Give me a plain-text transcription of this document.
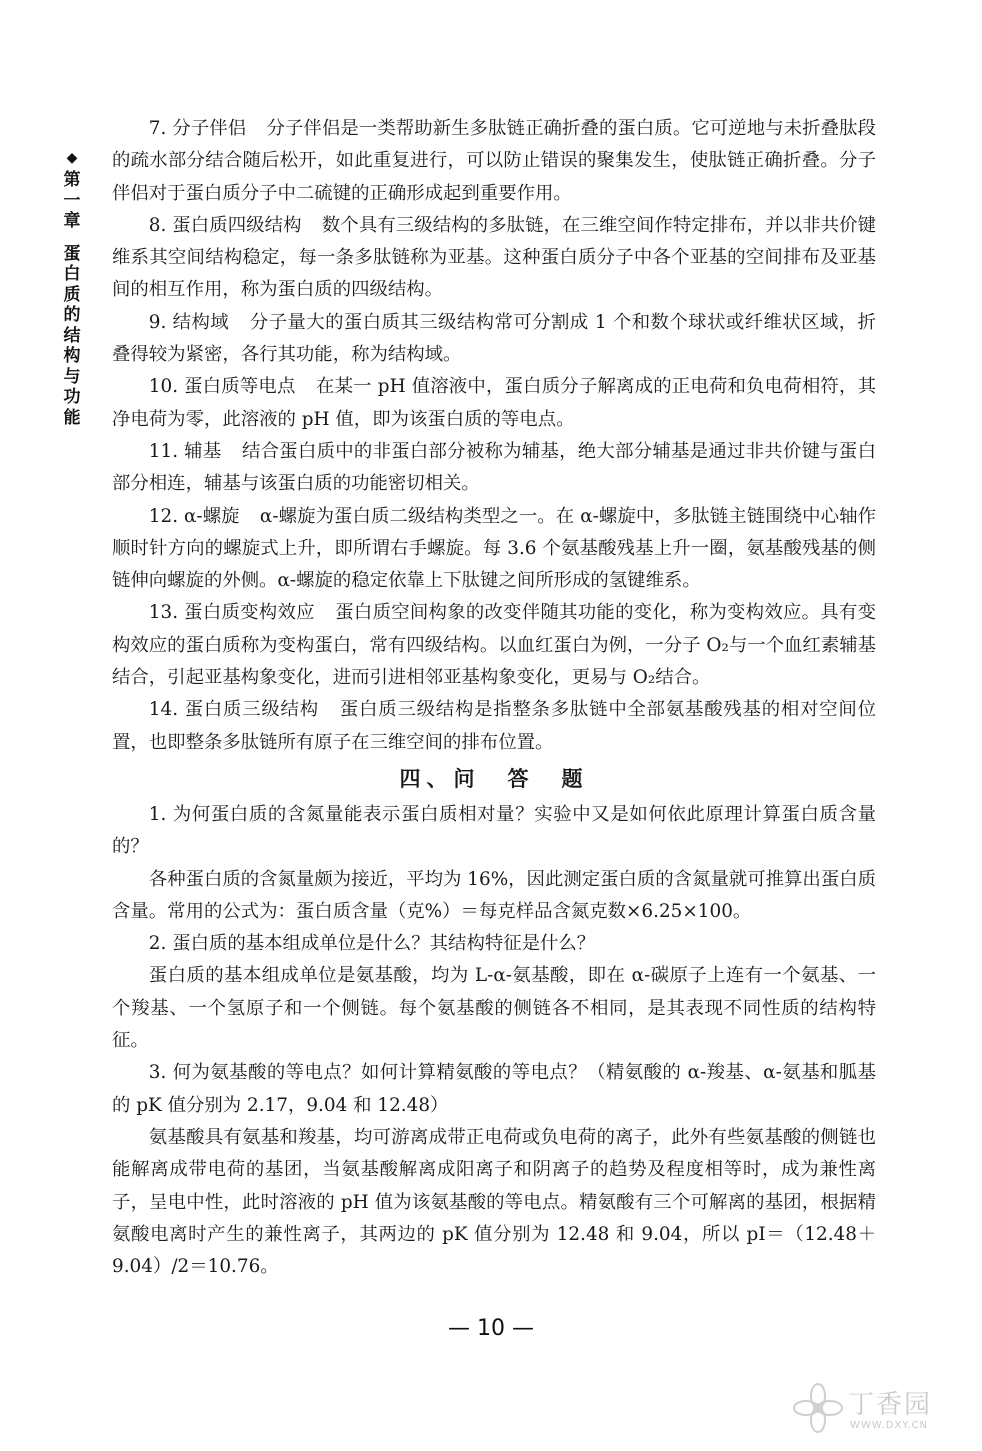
◆
第一章
蛋白质的结构与功能

7. 分子伴侣 分子伴侣是一类帮助新生多肽链正确折叠的蛋白质。它可逆地与未折叠肽段的疏水部分结合随后松开，如此重复进行，可以防止错误的聚集发生，使肽链正确折叠。分子伴侣对于蛋白质分子中二硫键的正确形成起到重要作用。

8. 蛋白质四级结构 数个具有三级结构的多肽链，在三维空间作特定排布，并以非共价键维系其空间结构稳定，每一条多肽链称为亚基。这种蛋白质分子中各个亚基的空间排布及亚基间的相互作用，称为蛋白质的四级结构。

9. 结构域 分子量大的蛋白质其三级结构常可分割成 1 个和数个球状或纤维状区域，折叠得较为紧密，各行其功能，称为结构域。

10. 蛋白质等电点 在某一 pH 值溶液中，蛋白质分子解离成的正电荷和负电荷相符，其净电荷为零，此溶液的 pH 值，即为该蛋白质的等电点。

11. 辅基 结合蛋白质中的非蛋白部分被称为辅基，绝大部分辅基是通过非共价键与蛋白部分相连，辅基与该蛋白质的功能密切相关。

12. α-螺旋 α-螺旋为蛋白质二级结构类型之一。在 α-螺旋中，多肽链主链围绕中心轴作顺时针方向的螺旋式上升，即所谓右手螺旋。每 3.6 个氨基酸残基上升一圈，氨基酸残基的侧链伸向螺旋的外侧。α-螺旋的稳定依靠上下肽键之间所形成的氢键维系。

13. 蛋白质变构效应 蛋白质空间构象的改变伴随其功能的变化，称为变构效应。具有变构效应的蛋白质称为变构蛋白，常有四级结构。以血红蛋白为例，一分子 O₂与一个血红素辅基结合，引起亚基构象变化，进而引进相邻亚基构象变化，更易与 O₂结合。

14. 蛋白质三级结构 蛋白质三级结构是指整条多肽链中全部氨基酸残基的相对空间位置，也即整条多肽链所有原子在三维空间的排布位置。

四、问　答　题

1. 为何蛋白质的含氮量能表示蛋白质相对量？实验中又是如何依此原理计算蛋白质含量的？

各种蛋白质的含氮量颇为接近，平均为 16%，因此测定蛋白质的含氮量就可推算出蛋白质含量。常用的公式为：蛋白质含量（克%）＝每克样品含氮克数×6.25×100。

2. 蛋白质的基本组成单位是什么？其结构特征是什么？

蛋白质的基本组成单位是氨基酸，均为 L-α-氨基酸，即在 α-碳原子上连有一个氨基、一个羧基、一个氢原子和一个侧链。每个氨基酸的侧链各不相同，是其表现不同性质的结构特征。

3. 何为氨基酸的等电点？如何计算精氨酸的等电点？（精氨酸的 α-羧基、α-氨基和胍基的 pK 值分别为 2.17，9.04 和 12.48）

氨基酸具有氨基和羧基，均可游离成带正电荷或负电荷的离子，此外有些氨基酸的侧链也能解离成带电荷的基团，当氨基酸解离成阳离子和阴离子的趋势及程度相等时，成为兼性离子，呈电中性，此时溶液的 pH 值为该氨基酸的等电点。精氨酸有三个可解离的基团，根据精氨酸电离时产生的兼性离子，其两边的 pK 值分别为 12.48 和 9.04，所以 pI＝（12.48＋9.04）/2＝10.76。

— 10 —
丁香园
WWW.DXY.CN
